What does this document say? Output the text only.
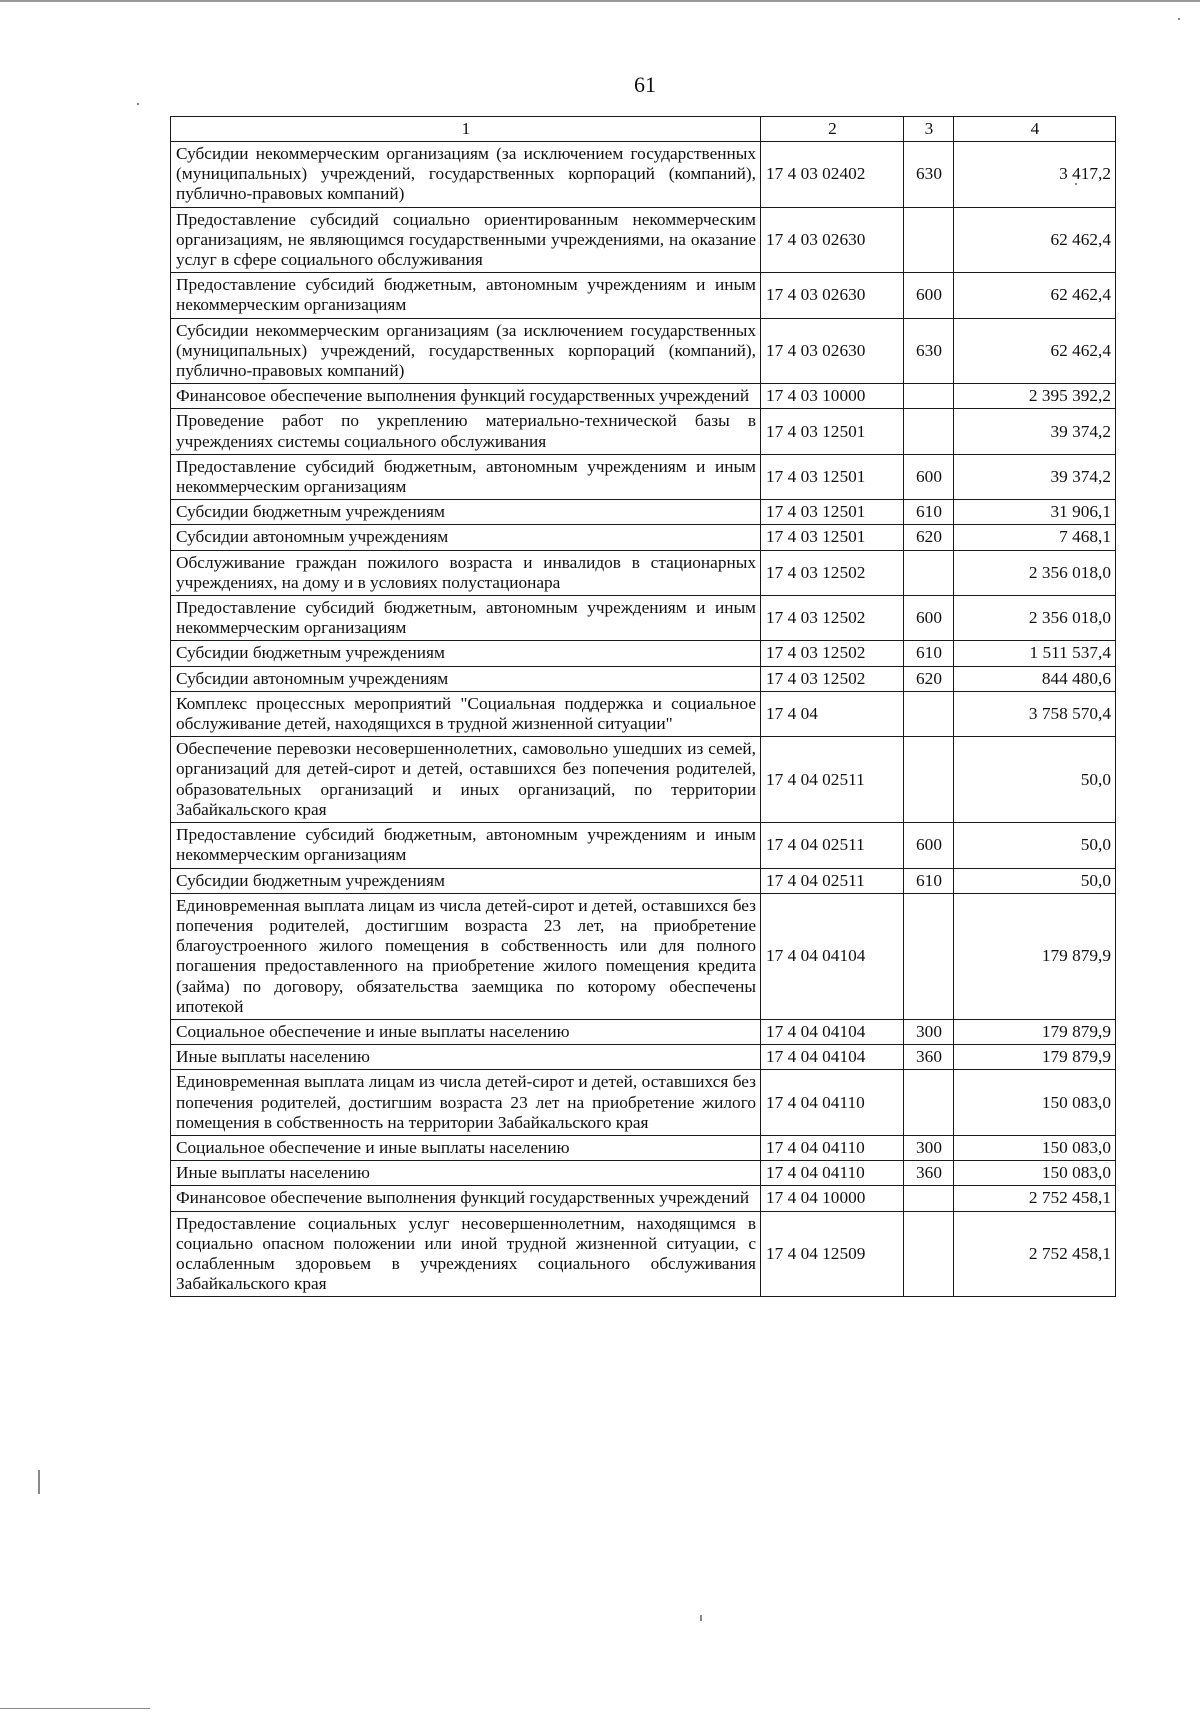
61
1	2	3	4
Субсидии некоммерческим организациям (за исключением государственных (муниципальных) учреждений, государственных корпораций (компаний), публично-правовых компаний)	17 4 03 02402	630	3 417,2
Предоставление субсидий социально ориентированным некоммерческим организациям, не являющимся государственными учреждениями, на оказание услуг в сфере социального обслуживания	17 4 03 02630		62 462,4
Предоставление субсидий бюджетным, автономным учреждениям и иным некоммерческим организациям	17 4 03 02630	600	62 462,4
Субсидии некоммерческим организациям (за исключением государственных (муниципальных) учреждений, государственных корпораций (компаний), публично-правовых компаний)	17 4 03 02630	630	62 462,4
Финансовое обеспечение выполнения функций государственных учреждений	17 4 03 10000		2 395 392,2
Проведение работ по укреплению материально-технической базы в учреждениях системы социального обслуживания	17 4 03 12501		39 374,2
Предоставление субсидий бюджетным, автономным учреждениям и иным некоммерческим организациям	17 4 03 12501	600	39 374,2
Субсидии бюджетным учреждениям	17 4 03 12501	610	31 906,1
Субсидии автономным учреждениям	17 4 03 12501	620	7 468,1
Обслуживание граждан пожилого возраста и инвалидов в стационарных учреждениях, на дому и в условиях полустационара	17 4 03 12502		2 356 018,0
Предоставление субсидий бюджетным, автономным учреждениям и иным некоммерческим организациям	17 4 03 12502	600	2 356 018,0
Субсидии бюджетным учреждениям	17 4 03 12502	610	1 511 537,4
Субсидии автономным учреждениям	17 4 03 12502	620	844 480,6
Комплекс процессных мероприятий "Социальная поддержка и социальное обслуживание детей, находящихся в трудной жизненной ситуации"	17 4 04		3 758 570,4
Обеспечение перевозки несовершеннолетних, самовольно ушедших из семей, организаций для детей-сирот и детей, оставшихся без попечения родителей, образовательных организаций и иных организаций, по территории Забайкальского края	17 4 04 02511		50,0
Предоставление субсидий бюджетным, автономным учреждениям и иным некоммерческим организациям	17 4 04 02511	600	50,0
Субсидии бюджетным учреждениям	17 4 04 02511	610	50,0
Единовременная выплата лицам из числа детей-сирот и детей, оставшихся без попечения родителей, достигшим возраста 23 лет, на приобретение благоустроенного жилого помещения в собственность или для полного погашения предоставленного на приобретение жилого помещения кредита (займа) по договору, обязательства заемщика по которому обеспечены ипотекой	17 4 04 04104		179 879,9
Социальное обеспечение и иные выплаты населению	17 4 04 04104	300	179 879,9
Иные выплаты населению	17 4 04 04104	360	179 879,9
Единовременная выплата лицам из числа детей-сирот и детей, оставшихся без попечения родителей, достигшим возраста 23 лет на приобретение жилого помещения в собственность на территории Забайкальского края	17 4 04 04110		150 083,0
Социальное обеспечение и иные выплаты населению	17 4 04 04110	300	150 083,0
Иные выплаты населению	17 4 04 04110	360	150 083,0
Финансовое обеспечение выполнения функций государственных учреждений	17 4 04 10000		2 752 458,1
Предоставление социальных услуг несовершеннолетним, находящимся в социально опасном положении или иной трудной жизненной ситуации, с ослабленным здоровьем в учреждениях социального обслуживания Забайкальского края	17 4 04 12509		2 752 458,1
